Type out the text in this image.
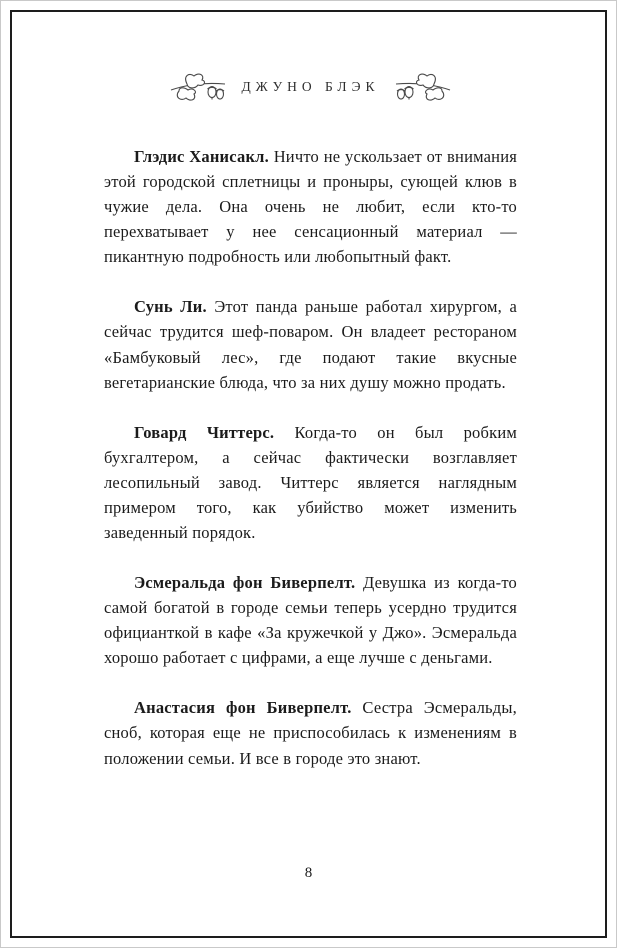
ДЖУНО БЛЭК

Глэдис Ханисакл. Ничто не ускользает от внимания этой городской сплетницы и проныры, сующей клюв в чужие дела. Она очень не любит, если кто-то перехватывает у нее сенсационный материал — пикантную подробность или любопытный факт.

Сунь Ли. Этот панда раньше работал хирургом, а сейчас трудится шеф-поваром. Он владеет рестораном «Бамбуковый лес», где подают такие вкусные вегетарианские блюда, что за них душу можно продать.

Говард Читтерс. Когда-то он был робким бухгалтером, а сейчас фактически возглавляет лесопильный завод. Читтерс является наглядным примером того, как убийство может изменить заведенный порядок.

Эсмеральда фон Биверпелт. Девушка из когда-то самой богатой в городе семьи теперь усердно трудится официанткой в кафе «За кружечкой у Джо». Эсмеральда хорошо работает с цифрами, а еще лучше с деньгами.

Анастасия фон Биверпелт. Сестра Эсмеральды, сноб, которая еще не приспособилась к изменениям в положении семьи. И все в городе это знают.

8
